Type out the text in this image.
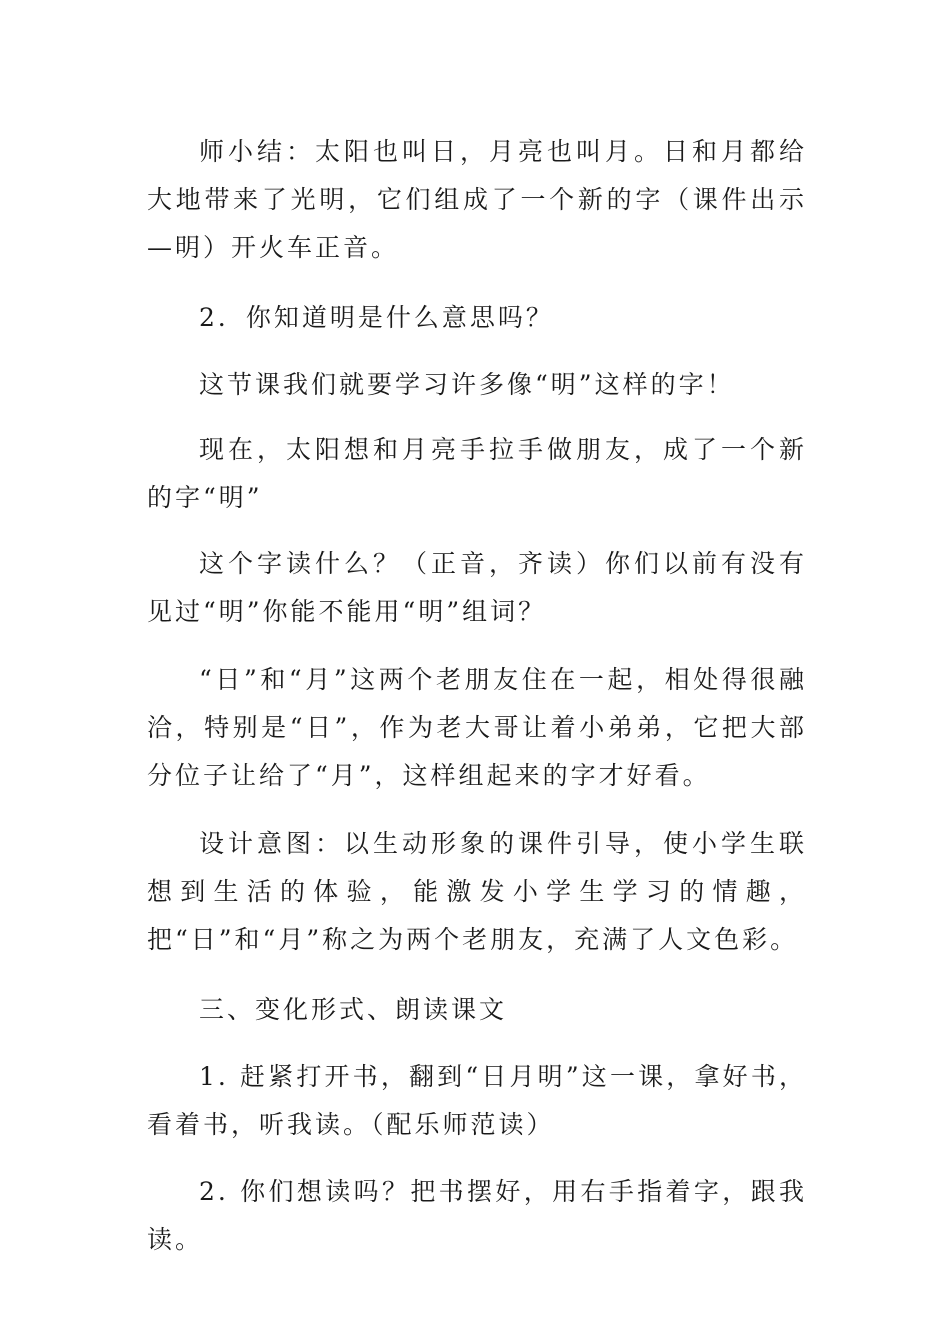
师小结：太阳也叫日，月亮也叫月。日和月都给大地带来了光明，它们组成了一个新的字（课件出示—明）开火车正音。

2．你知道明是什么意思吗？

这节课我们就要学习许多像“明”这样的字！

现在，太阳想和月亮手拉手做朋友，成了一个新的字“明”

这个字读什么？（正音，齐读）你们以前有没有见过“明”你能不能用“明”组词？

“日”和“月”这两个老朋友住在一起，相处得很融洽，特别是“日”，作为老大哥让着小弟弟，它把大部分位子让给了“月”，这样组起来的字才好看。

设计意图：以生动形象的课件引导，使小学生联想到生活的体验，能激发小学生学习的情趣，把“日”和“月”称之为两个老朋友，充满了人文色彩。

三、变化形式、朗读课文

1. 赶紧打开书，翻到“日月明”这一课，拿好书，看着书，听我读。（配乐师范读）

2. 你们想读吗？把书摆好，用右手指着字，跟我读。
